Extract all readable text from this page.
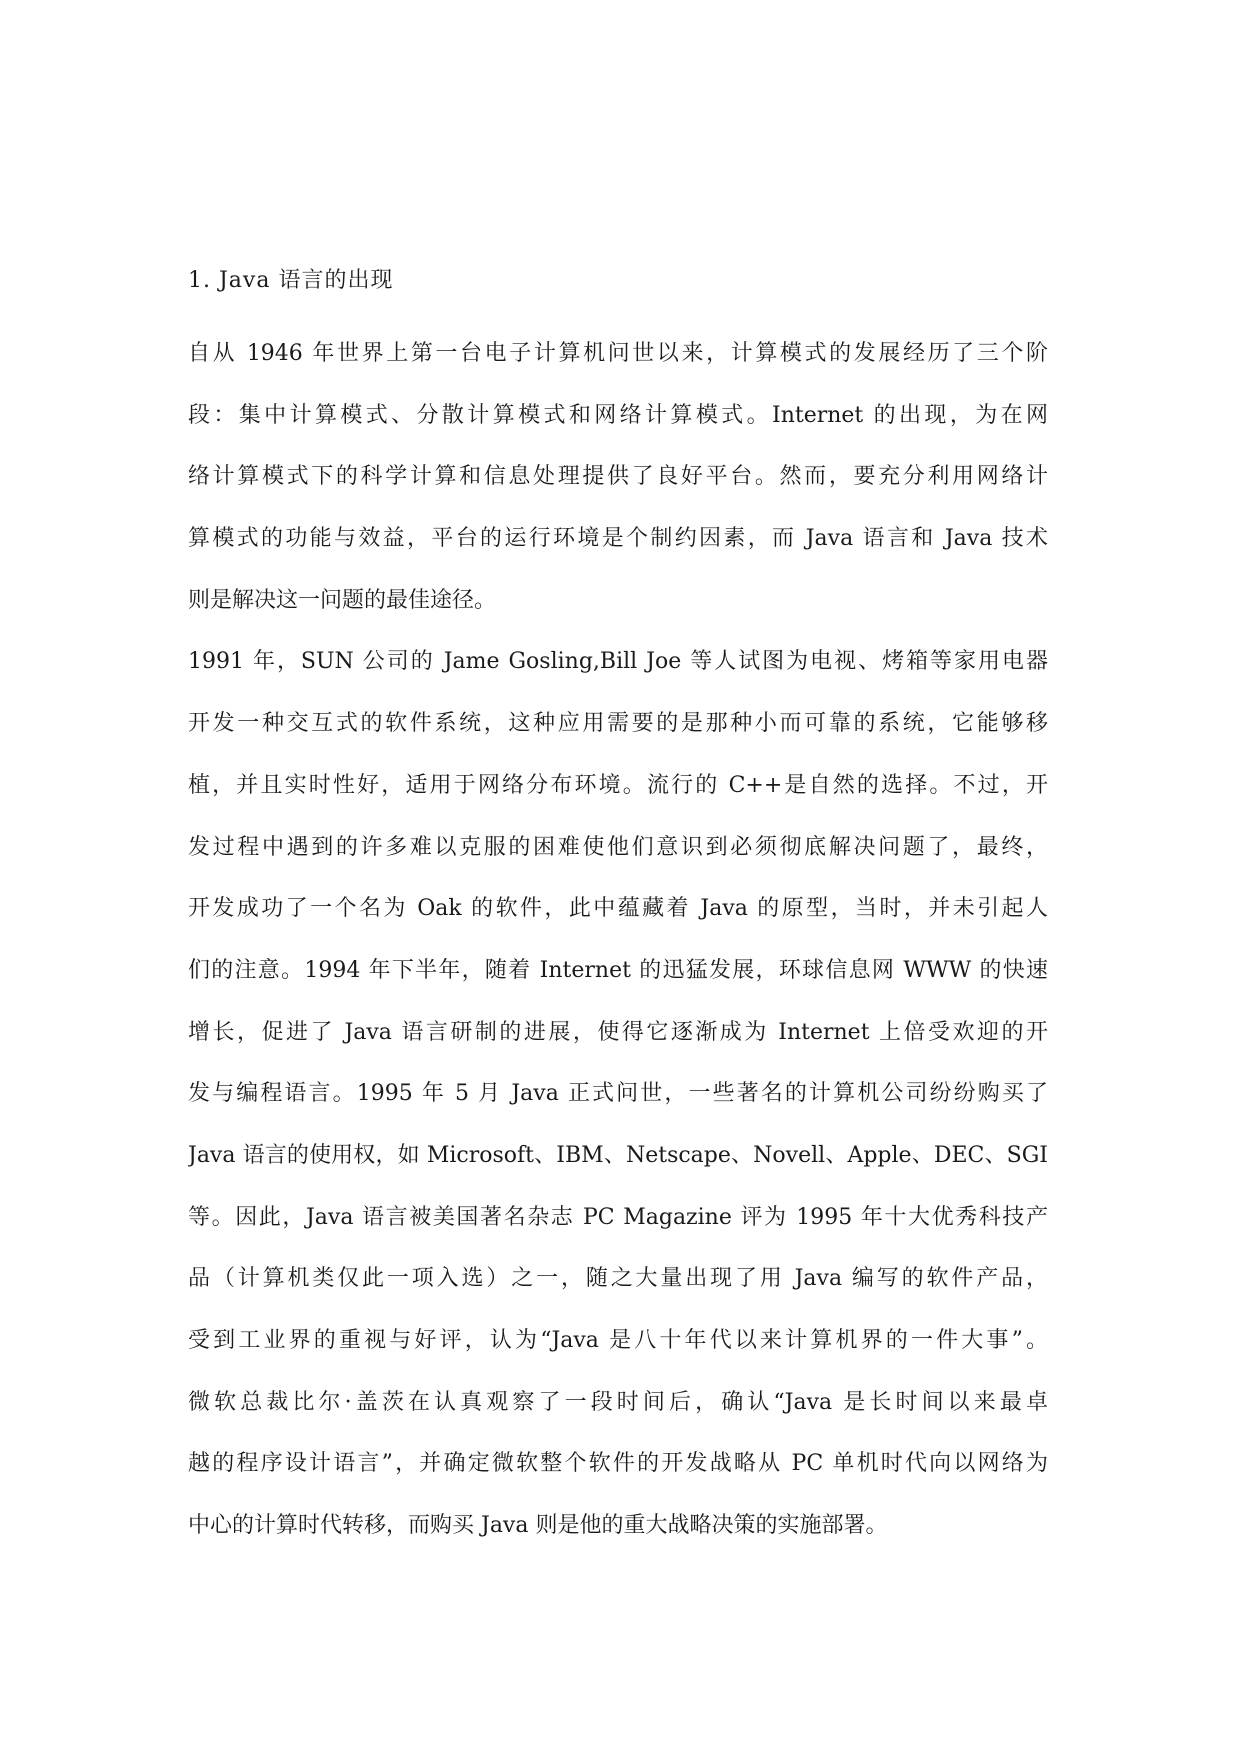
1. Java 语言的出现

自从 1946 年世界上第一台电子计算机问世以来，计算模式的发展经历了三个阶
段：集中计算模式、分散计算模式和网络计算模式。Internet 的出现，为在网
络计算模式下的科学计算和信息处理提供了良好平台。然而，要充分利用网络计
算模式的功能与效益，平台的运行环境是个制约因素，而 Java 语言和 Java 技术
则是解决这一问题的最佳途径。

1991 年，SUN 公司的 Jame Gosling,Bill Joe 等人试图为电视、烤箱等家用电器
开发一种交互式的软件系统，这种应用需要的是那种小而可靠的系统，它能够移
植，并且实时性好，适用于网络分布环境。流行的 C++是自然的选择。不过，开
发过程中遇到的许多难以克服的困难使他们意识到必须彻底解决问题了，最终，
开发成功了一个名为 Oak 的软件，此中蕴藏着 Java 的原型，当时，并未引起人
们的注意。1994 年下半年，随着 Internet 的迅猛发展，环球信息网 WWW 的快速
增长，促进了 Java 语言研制的进展，使得它逐渐成为 Internet 上倍受欢迎的开
发与编程语言。1995 年 5 月 Java 正式问世，一些著名的计算机公司纷纷购买了
Java 语言的使用权，如 Microsoft、IBM、Netscape、Novell、Apple、DEC、SGI
等。因此，Java 语言被美国著名杂志 PC Magazine 评为 1995 年十大优秀科技产
品（计算机类仅此一项入选）之一，随之大量出现了用 Java 编写的软件产品，
受到工业界的重视与好评，认为“Java 是八十年代以来计算机界的一件大事”。
微软总裁比尔·盖茨在认真观察了一段时间后，确认“Java 是长时间以来最卓
越的程序设计语言”，并确定微软整个软件的开发战略从 PC 单机时代向以网络为
中心的计算时代转移，而购买 Java 则是他的重大战略决策的实施部署。
